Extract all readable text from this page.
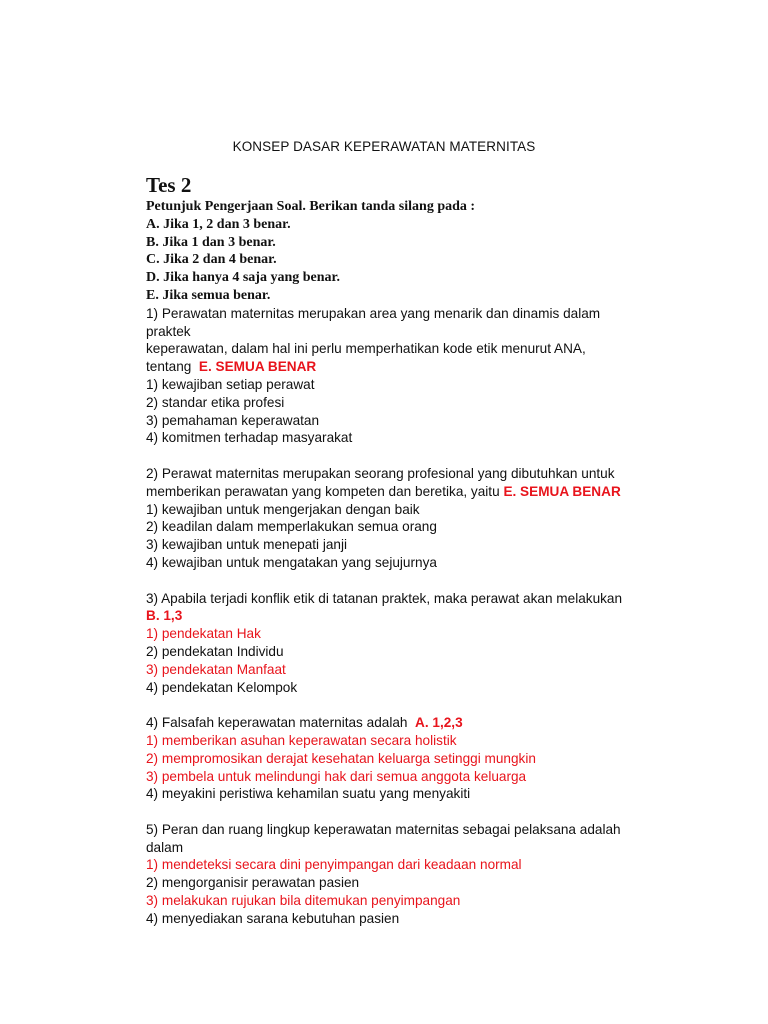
KONSEP DASAR KEPERAWATAN MATERNITAS
Tes 2
Petunjuk Pengerjaan Soal. Berikan tanda silang pada :
A. Jika 1, 2 dan 3 benar.
B. Jika 1 dan 3 benar.
C. Jika 2 dan 4 benar.
D. Jika hanya 4 saja yang benar.
E. Jika semua benar.
1) Perawatan maternitas merupakan area yang menarik dan dinamis dalam
praktek
keperawatan, dalam hal ini perlu memperhatikan kode etik menurut ANA,
tentang E. SEMUA BENAR
1) kewajiban setiap perawat
2) standar etika profesi
3) pemahaman keperawatan
4) komitmen terhadap masyarakat
2) Perawat maternitas merupakan seorang profesional yang dibutuhkan untuk
memberikan perawatan yang kompeten dan beretika, yaitu E. SEMUA BENAR
1) kewajiban untuk mengerjakan dengan baik
2) keadilan dalam memperlakukan semua orang
3) kewajiban untuk menepati janji
4) kewajiban untuk mengatakan yang sejujurnya
3) Apabila terjadi konflik etik di tatanan praktek, maka perawat akan melakukan
B. 1,3
1) pendekatan Hak
2) pendekatan Individu
3) pendekatan Manfaat
4) pendekatan Kelompok
4) Falsafah keperawatan maternitas adalah A. 1,2,3
1) memberikan asuhan keperawatan secara holistik
2) mempromosikan derajat kesehatan keluarga setinggi mungkin
3) pembela untuk melindungi hak dari semua anggota keluarga
4) meyakini peristiwa kehamilan suatu yang menyakiti
5) Peran dan ruang lingkup keperawatan maternitas sebagai pelaksana adalah
dalam
1) mendeteksi secara dini penyimpangan dari keadaan normal
2) mengorganisir perawatan pasien
3) melakukan rujukan bila ditemukan penyimpangan
4) menyediakan sarana kebutuhan pasien
